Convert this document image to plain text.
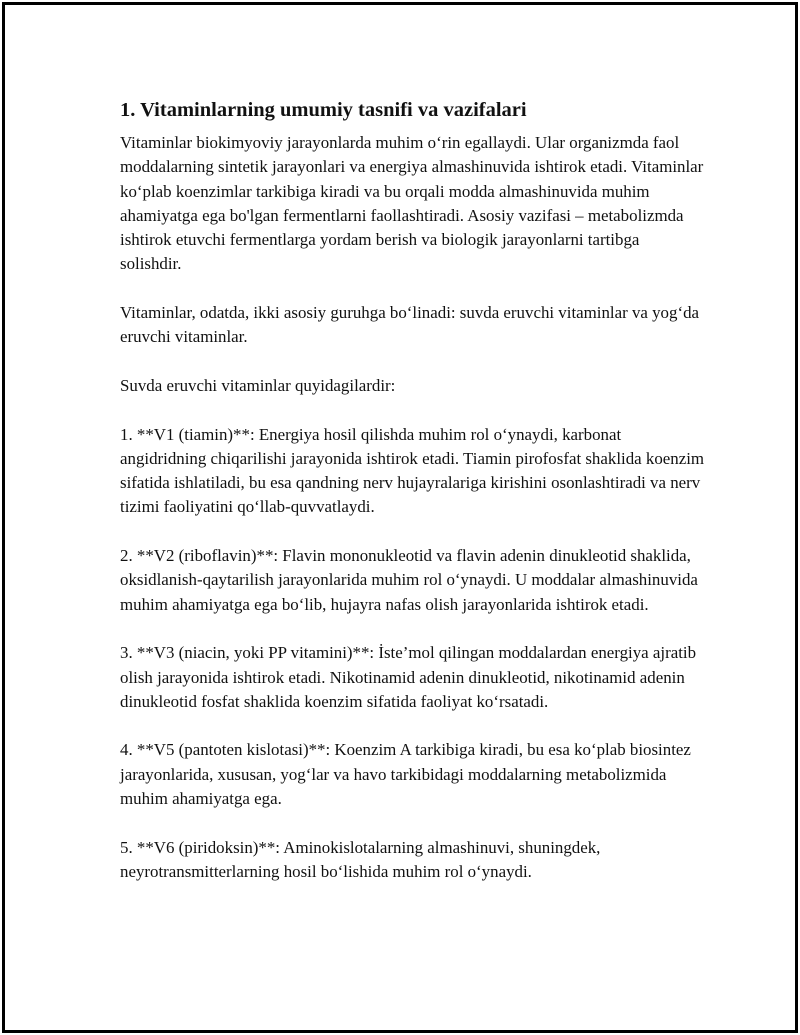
1. Vitaminlarning umumiy tasnifi va vazifalari

Vitaminlar biokimyoviy jarayonlarda muhim o‘rin egallaydi. Ular organizmda faol moddalarning sintetik jarayonlari va energiya almashinuvida ishtirok etadi. Vitaminlar ko‘plab koenzimlar tarkibiga kiradi va bu orqali modda almashinuvida muhim ahamiyatga ega bo'lgan fermentlarni faollashtiradi. Asosiy vazifasi – metabolizmda ishtirok etuvchi fermentlarga yordam berish va biologik jarayonlarni tartibga solishdir.

Vitaminlar, odatda, ikki asosiy guruhga bo‘linadi: suvda eruvchi vitaminlar va yog‘da eruvchi vitaminlar.

Suvda eruvchi vitaminlar quyidagilardir:

1. **V1 (tiamin)**: Energiya hosil qilishda muhim rol o‘ynaydi, karbonat angidridning chiqarilishi jarayonida ishtirok etadi. Tiamin pirofosfat shaklida koenzim sifatida ishlatiladi, bu esa qandning nerv hujayralariga kirishini osonlashtiradi va nerv tizimi faoliyatini qo‘llab-quvvatlaydi.

2. **V2 (riboflavin)**: Flavin mononukleotid va flavin adenin dinukleotid shaklida, oksidlanish-qaytarilish jarayonlarida muhim rol o‘ynaydi. U moddalar almashinuvida muhim ahamiyatga ega bo‘lib, hujayra nafas olish jarayonlarida ishtirok etadi.

3. **V3 (niacin, yoki PP vitamini)**: İste’mol qilingan moddalardan energiya ajratib olish jarayonida ishtirok etadi. Nikotinamid adenin dinukleotid, nikotinamid adenin dinukleotid fosfat shaklida koenzim sifatida faoliyat ko‘rsatadi.

4. **V5 (pantoten kislotasi)**: Koenzim A tarkibiga kiradi, bu esa ko‘plab biosintez jarayonlarida, xususan, yog‘lar va havo tarkibidagi moddalarning metabolizmida muhim ahamiyatga ega.

5. **V6 (piridoksin)**: Aminokislotalarning almashinuvi, shuningdek, neyrotransmitterlarning hosil bo‘lishida muhim rol o‘ynaydi.
